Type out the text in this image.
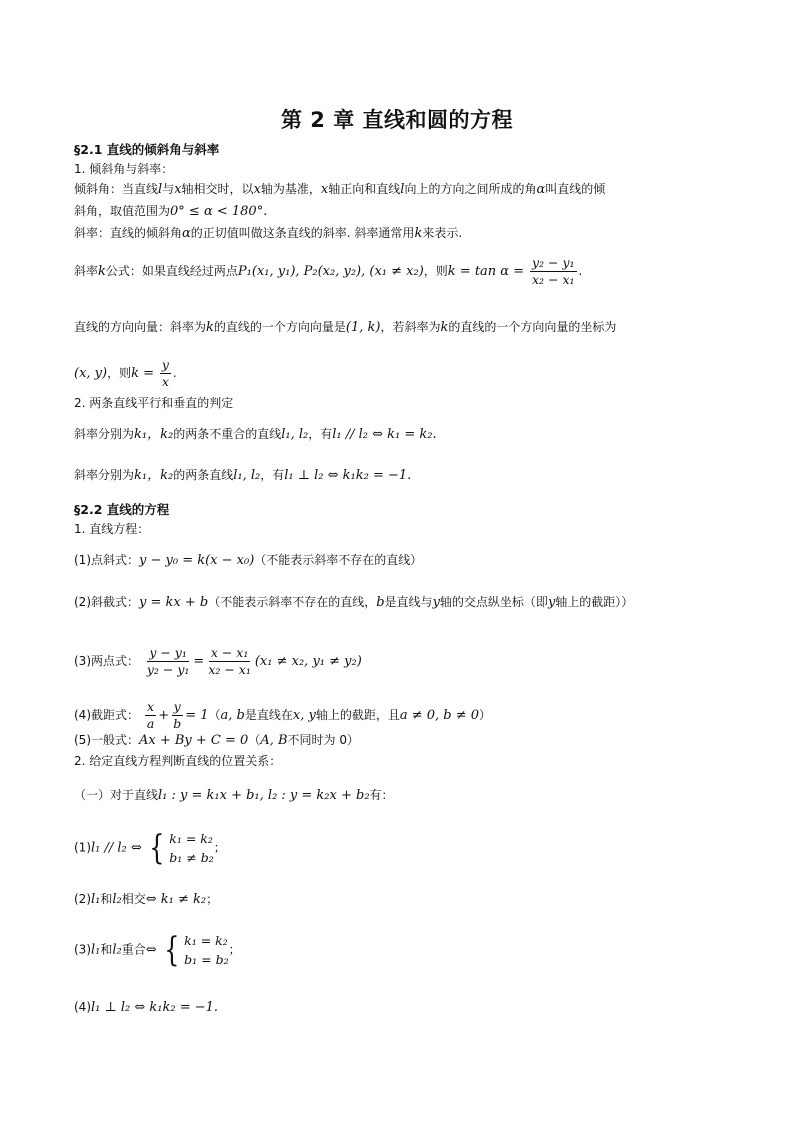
第 2 章 直线和圆的方程
§2.1 直线的倾斜角与斜率
1. 倾斜角与斜率：
倾斜角：当直线l与x轴相交时，以x轴为基准，x轴正向和直线l向上的方向之间所成的角α叫直线的倾
斜角，取值范围为0° ≤ α < 180°.
斜率：直线的倾斜角α的正切值叫做这条直线的斜率. 斜率通常用k来表示.
斜率k公式：如果直线经过两点P₁(x₁, y₁), P₂(x₂, y₂), (x₁ ≠ x₂)，则$k = \tan \alpha = \frac{\text{y₂ − y₁}}{\text{x₂ − x₁}}$ .
直线的方向向量：斜率为k的直线的一个方向向量是(1, k)，若斜率为k的直线的一个方向向量的坐标为
(x, y)，则$k = \frac{y}{x}$ .
2. 两条直线平行和垂直的判定
斜率分别为k₁，k₂的两条不重合的直线l₁, l₂，有l₁ // l₂ ⇔ k₁ = k₂.
斜率分别为k₁，k₂的两条直线l₁, l₂，有l₁ ⊥ l₂ ⇔ k₁k₂ = −1.
§2.2 直线的方程
1. 直线方程：
(1)点斜式：y − y₀ = k(x − x₀)（不能表示斜率不存在的直线）
(2)斜截式：y = kx + b（不能表示斜率不存在的直线，b是直线与y轴的交点纵坐标（即y轴上的截距））
(3)两点式： $\frac{\text{y − y₁}}{\text{y₂ − y₁}} = \frac{\text{x − x₁}}{\text{x₂ − x₁}} (x_1 \ne x_2$, y₁ ≠ y₂)
(4)截距式： $\frac{x}{a} + \frac{y}{b} = 1(a$, b是直线在x, y轴上的截距，且a ≠ 0, b ≠ 0）
(5)一般式：Ax + By + C = 0（A, B不同时为 0）
2. 给定直线方程判断直线的位置关系：
（一）对于直线l₁ : y = k₁x + b₁, l₂ : y = k₂x + b₂有：
(1)l₁ // l₂ ⇔ { k₁ = k₂
b₁ ≠ b₂
；
(2)l₁和l₂相交⇔ k₁ ≠ k₂；
(3)l₁和l₂重合⇔ { k₁ = k₂
b₁ = b₂
；
(4)l₁ ⊥ l₂ ⇔ k₁k₂ = −1.
